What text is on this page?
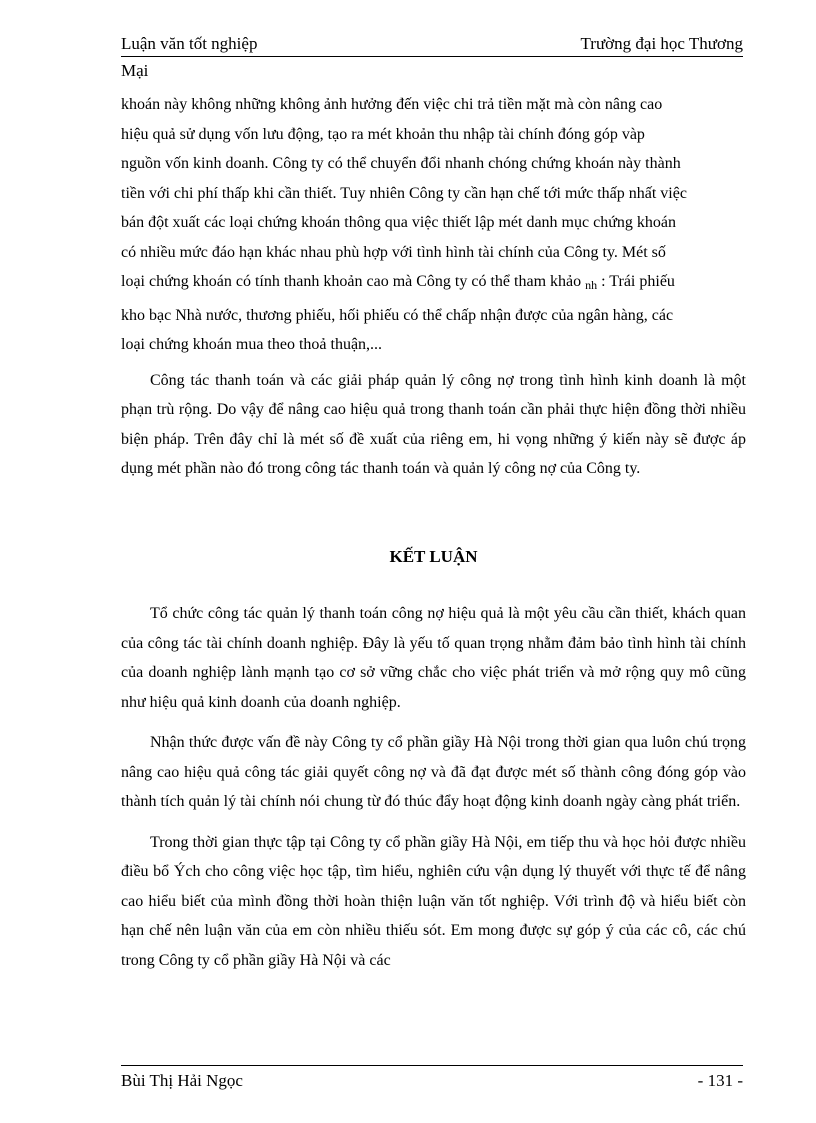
Luận văn tốt nghiệp	Trường đại học Thương
Mại
khoán này không những không ảnh hưởng đến việc chi trả tiền mặt mà còn nâng cao
hiệu quả sử dụng vốn lưu động, tạo ra mét khoản thu nhập tài chính đóng góp vàp
nguồn vốn kinh doanh. Công ty có thể chuyển đổi nhanh chóng chứng khoán này thành
tiền với chi phí thấp khi cần thiết. Tuy nhiên Công ty cần hạn chế tới mức thấp nhất việc
bán đột xuất các loại chứng khoán thông qua việc thiết lập mét danh mục chứng khoán
có nhiều mức đáo hạn khác nhau phù hợp với tình hình tài chính của Công ty. Mét số
loại chứng khoán có tính thanh khoản cao mà Công ty có thể tham khảo $_{nh}$ : Trái phiếu
kho bạc Nhà nước, thương phiếu, hối phiếu có thể chấp nhận được của ngân hàng, các
loại chứng khoán mua theo thoả thuận,...

Công tác thanh toán và các giải pháp quản lý công nợ trong tình hình kinh doanh là một phạn trù rộng. Do vậy để nâng cao hiệu quả trong thanh toán cần phải thực hiện đồng thời nhiều biện pháp. Trên đây chỉ là mét số đề xuất của riêng em, hi vọng những ý kiến này sẽ được áp dụng mét phần nào đó trong công tác thanh toán và quản lý công nợ của Công ty.

KẾT LUẬN

Tổ chức công tác quản lý thanh toán công nợ hiệu quả là một yêu cầu cần thiết, khách quan của công tác tài chính doanh nghiệp. Đây là yếu tố quan trọng nhằm đảm bảo tình hình tài chính của doanh nghiệp lành mạnh tạo cơ sở vững chắc cho việc phát triển và mở rộng quy mô cũng như hiệu quả kinh doanh của doanh nghiệp.

Nhận thức được vấn đề này Công ty cổ phần giầy Hà Nội trong thời gian qua luôn chú trọng nâng cao hiệu quả công tác giải quyết công nợ và đã đạt được mét số thành công đóng góp vào thành tích quản lý tài chính nói chung từ đó thúc đẩy hoạt động kinh doanh ngày càng phát triển.

Trong thời gian thực tập tại Công ty cổ phần giầy Hà Nội, em tiếp thu và học hỏi được nhiều điều bổ Ých cho công việc học tập, tìm hiểu, nghiên cứu vận dụng lý thuyết với thực tế để nâng cao hiểu biết của mình đồng thời hoàn thiện luận văn tốt nghiệp. Với trình độ và hiểu biết còn hạn chế nên luận văn của em còn nhiều thiếu sót. Em mong được sự góp ý của các cô, các chú trong Công ty cổ phần giầy Hà Nội và các

Bùi Thị Hải Ngọc	- 131 -
